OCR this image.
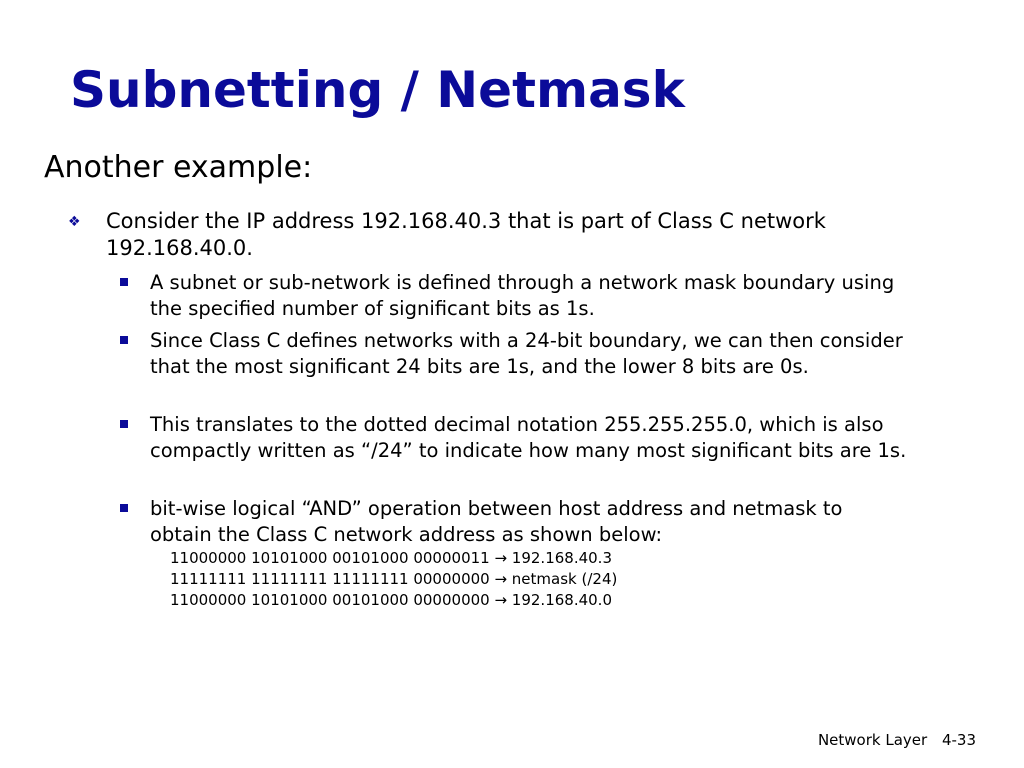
Subnetting / Netmask
Another example:
❖ Consider the IP address 192.168.40.3 that is part of Class C network 192.168.40.0.
A subnet or sub-network is defined through a network mask boundary using the specified number of significant bits as 1s.
Since Class C defines networks with a 24-bit boundary, we can then consider that the most significant 24 bits are 1s, and the lower 8 bits are 0s.
This translates to the dotted decimal notation 255.255.255.0, which is also compactly written as “/24” to indicate how many most significant bits are 1s.
bit-wise logical “AND” operation between host address and netmask to obtain the Class C network address as shown below:
11000000 10101000 00101000 00000011 → 192.168.40.3
11111111 11111111 11111111 00000000 → netmask (/24)
11000000 10101000 00101000 00000000 → 192.168.40.0
Network Layer 4-33
